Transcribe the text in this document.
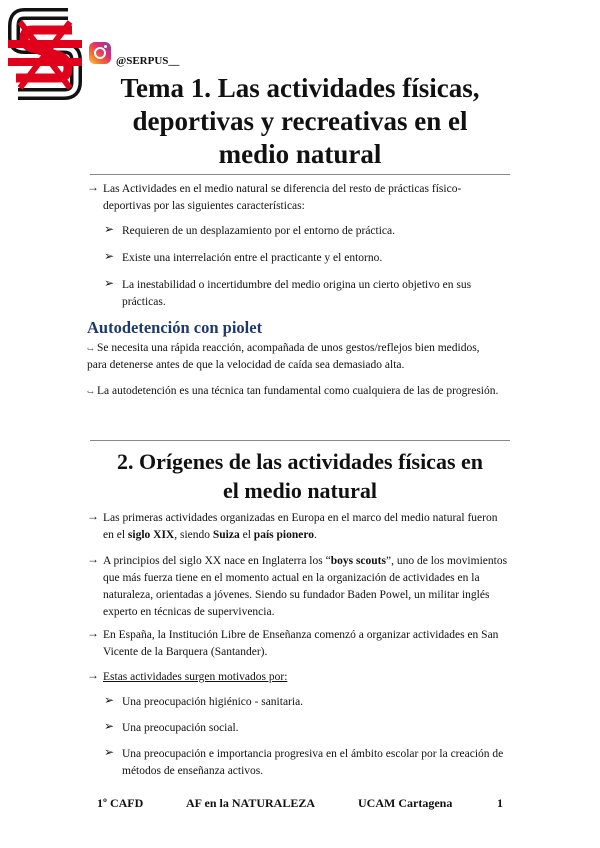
@SERPUS__
Tema 1. Las actividades físicas,
deportivas y recreativas en el
medio natural
→ Las Actividades en el medio natural se diferencia del resto de prácticas físico-deportivas por las siguientes características:
➢ Requieren de un desplazamiento por el entorno de práctica.
➢ Existe una interrelación entre el practicante y el entorno.
➢ La inestabilidad o incertidumbre del medio origina un cierto objetivo en sus prácticas.
Autodetención con piolet
↪ Se necesita una rápida reacción, acompañada de unos gestos/reflejos bien medidos, para detenerse antes de que la velocidad de caída sea demasiado alta.
↪ La autodetención es una técnica tan fundamental como cualquiera de las de progresión.
2. Orígenes de las actividades físicas en
el medio natural
→ Las primeras actividades organizadas en Europa en el marco del medio natural fueron en el siglo XIX, siendo Suiza el país pionero.
→ A principios del siglo XX nace en Inglaterra los “boys scouts”, uno de los movimientos que más fuerza tiene en el momento actual en la organización de actividades en la naturaleza, orientadas a jóvenes. Siendo su fundador Baden Powel, un militar inglés experto en técnicas de supervivencia.
→ En España, la Institución Libre de Enseñanza comenzó a organizar actividades en San Vicente de la Barquera (Santander).
→ Estas actividades surgen motivados por:
➢ Una preocupación higiénico - sanitaria.
➢ Una preocupación social.
➢ Una preocupación e importancia progresiva en el ámbito escolar por la creación de métodos de enseñanza activos.
1º CAFD	AF en la NATURALEZA	UCAM Cartagena	1
